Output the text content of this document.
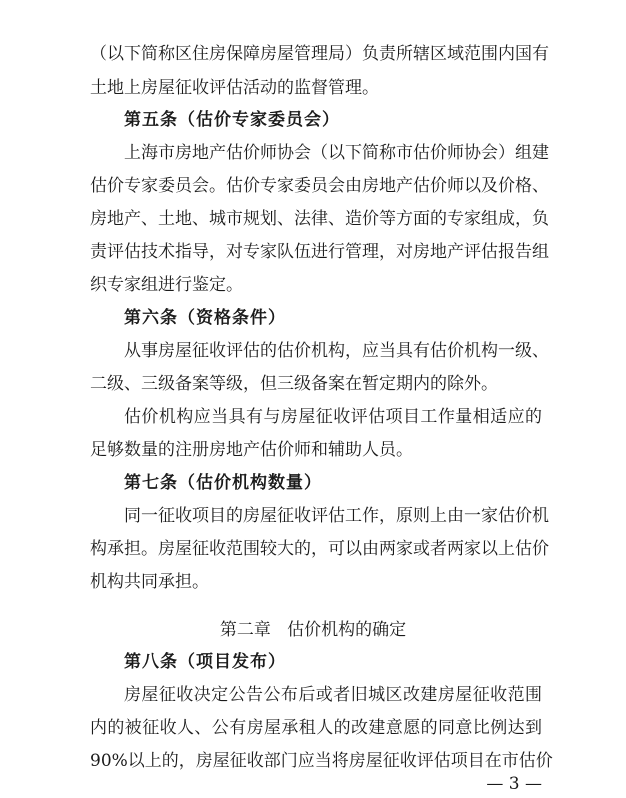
（以下简称区住房保障房屋管理局）负责所辖区域范围内国有
土地上房屋征收评估活动的监督管理。
第五条（估价专家委员会）
上海市房地产估价师协会（以下简称市估价师协会）组建
估价专家委员会。估价专家委员会由房地产估价师以及价格、
房地产、土地、城市规划、法律、造价等方面的专家组成，负
责评估技术指导，对专家队伍进行管理，对房地产评估报告组
织专家组进行鉴定。
第六条（资格条件）
从事房屋征收评估的估价机构，应当具有估价机构一级、
二级、三级备案等级，但三级备案在暂定期内的除外。
估价机构应当具有与房屋征收评估项目工作量相适应的
足够数量的注册房地产估价师和辅助人员。
第七条（估价机构数量）
同一征收项目的房屋征收评估工作，原则上由一家估价机
构承担。房屋征收范围较大的，可以由两家或者两家以上估价
机构共同承担。
第二章   估价机构的确定
第八条（项目发布）
房屋征收决定公告公布后或者旧城区改建房屋征收范围
内的被征收人、公有房屋承租人的改建意愿的同意比例达到
90%以上的，房屋征收部门应当将房屋征收评估项目在市估价
— 3 —
